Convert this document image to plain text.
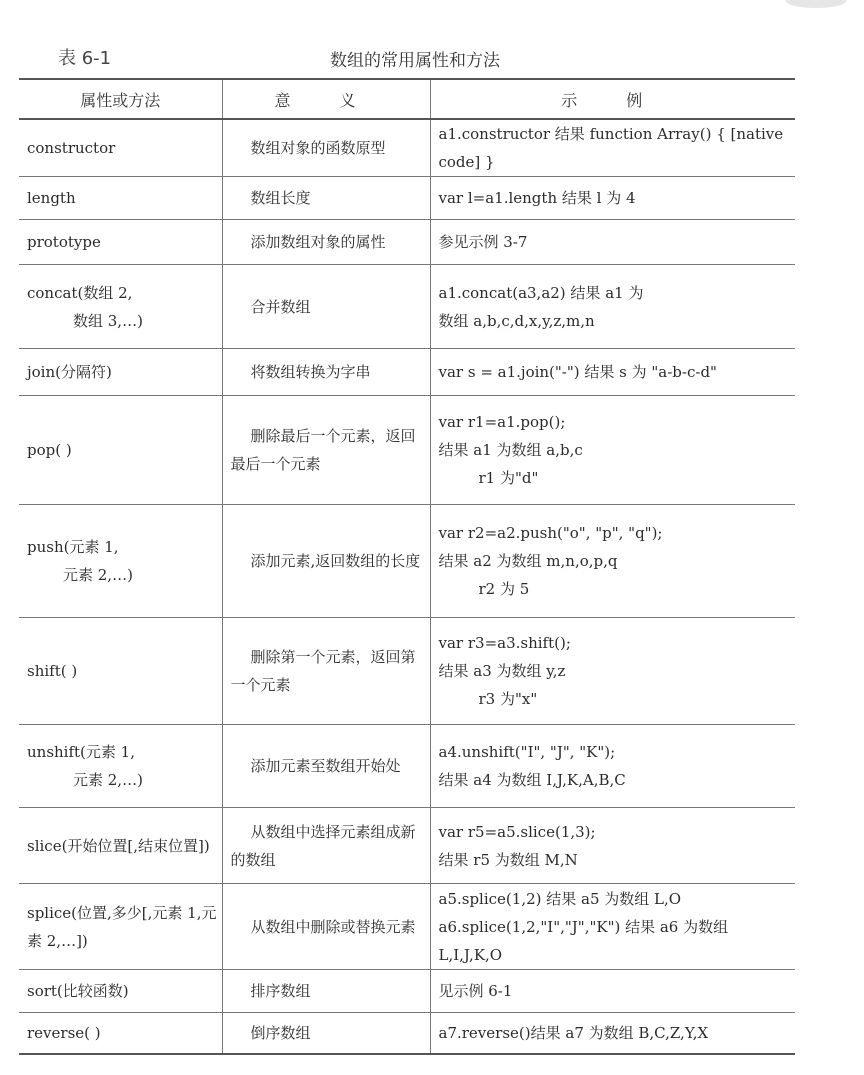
表 6-1	数组的常用属性和方法
属性或方法	意 义	示 例

constructor	数组对象的函数原型	a1.constructor 结果 function Array() { [native code] }

length	数组长度	var l=a1.length 结果 l 为 4

prototype	添加数组对象的属性	参见示例 3-7

concat(数组 2,
数组 3,…)	合并数组	a1.concat(a3,a2) 结果 a1 为
数组 a,b,c,d,x,y,z,m,n

join(分隔符)	将数组转换为字串	var s = a1.join("-") 结果 s 为 "a-b-c-d"

pop( )	删除最后一个元素，返回最后一个元素	var r1=a1.pop();
结果 a1 为数组 a,b,c
r1 为"d"

push(元素 1,
元素 2,…)	添加元素,返回数组的长度	var r2=a2.push("o", "p", "q");
结果 a2 为数组 m,n,o,p,q
r2 为 5

shift( )	删除第一个元素，返回第一个元素	var r3=a3.shift();
结果 a3 为数组 y,z
r3 为"x"

unshift(元素 1,
元素 2,…)	添加元素至数组开始处	a4.unshift("I", "J", "K");
结果 a4 为数组 I,J,K,A,B,C

slice(开始位置[,结束位置])	从数组中选择元素组成新的数组	var r5=a5.slice(1,3);
结果 r5 为数组 M,N

splice(位置,多少[,元素 1,元
素 2,…])	从数组中删除或替换元素	a5.splice(1,2) 结果 a5 为数组 L,O
a6.splice(1,2,"I","J","K") 结果 a6 为数组 L,I,J,K,O

sort(比较函数)	排序数组	见示例 6-1

reverse( )	倒序数组	a7.reverse()结果 a7 为数组 B,C,Z,Y,X
